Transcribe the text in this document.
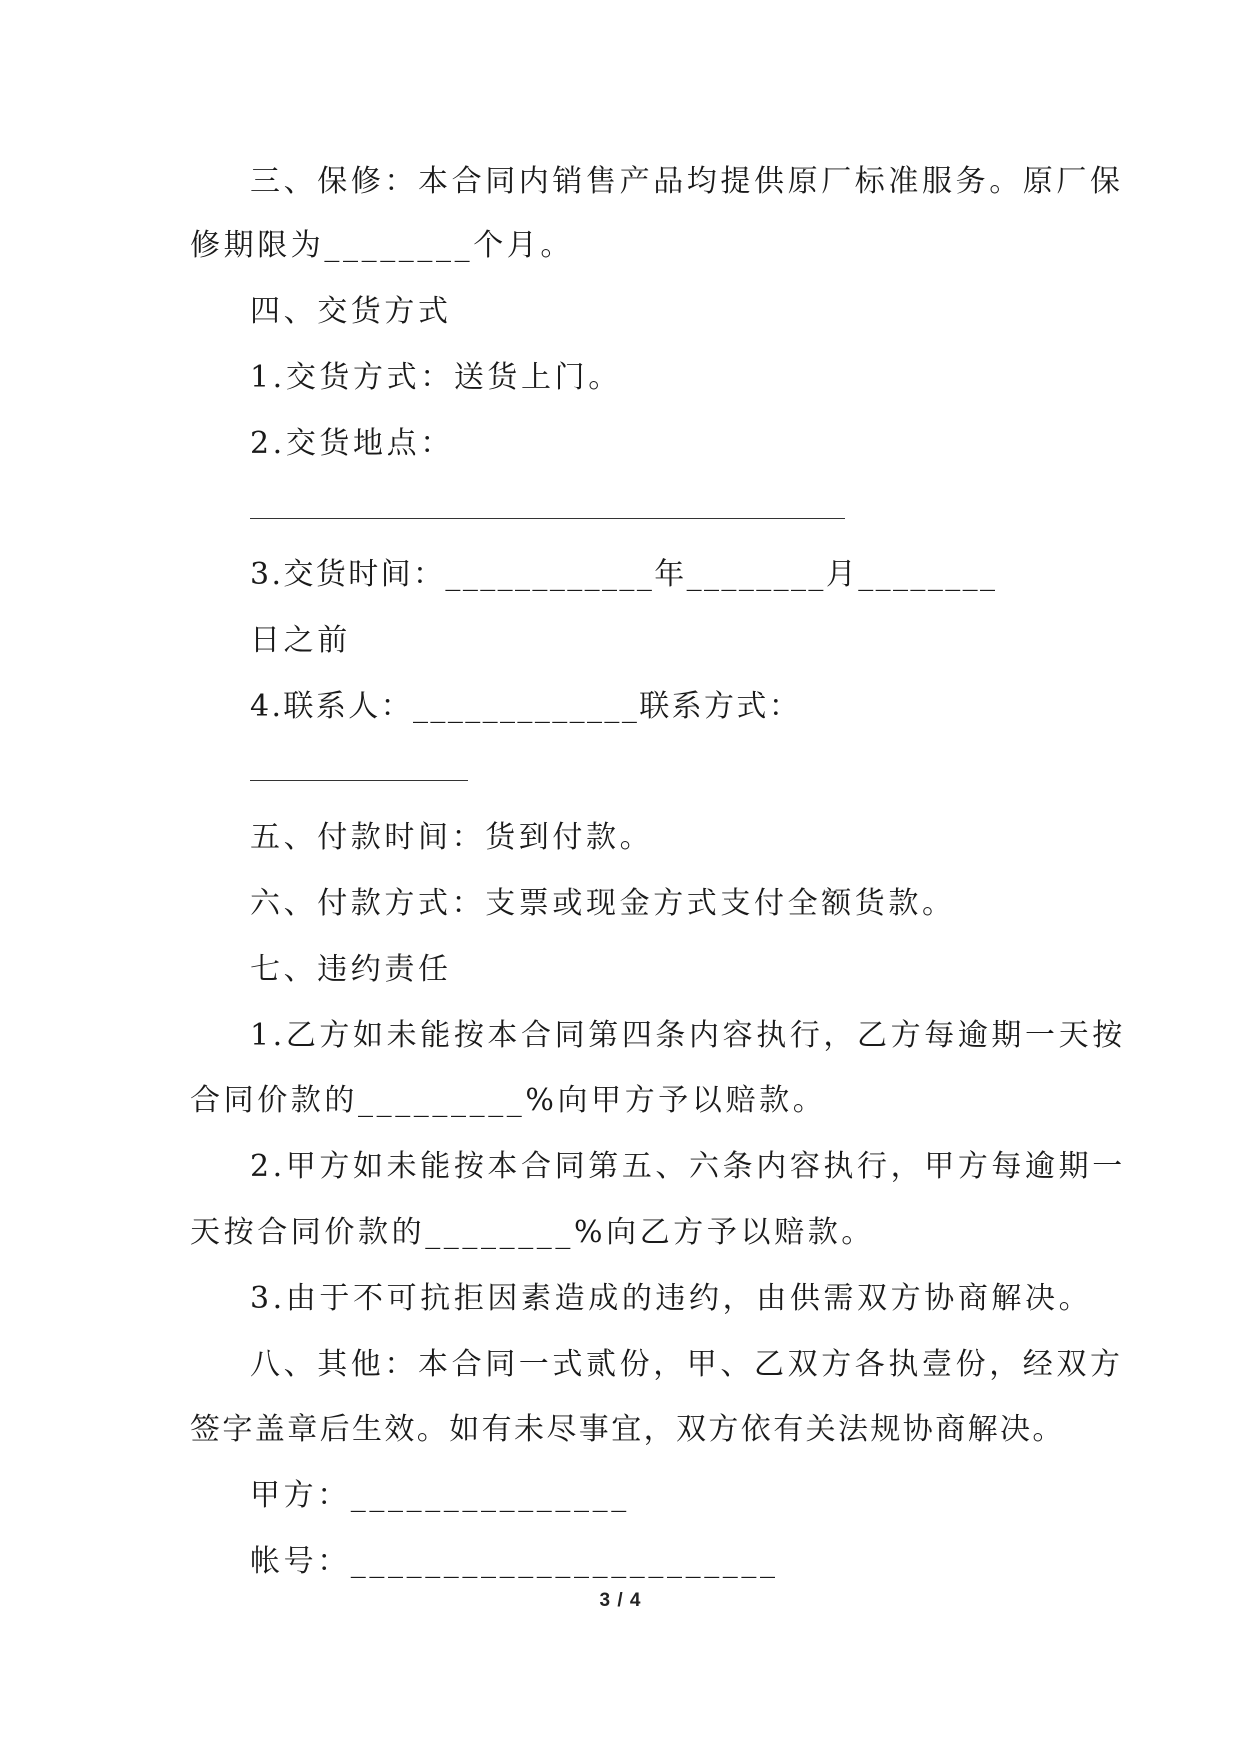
三、保修：本合同内销售产品均提供原厂标准服务。原厂保

修期限为________个月。

四、交货方式

1.交货方式：送货上门。

2.交货地点：

3.交货时间：____________年________月________

日之前

4.联系人：_____________联系方式：

五、付款时间：货到付款。

六、付款方式：支票或现金方式支付全额货款。

七、违约责任

1.乙方如未能按本合同第四条内容执行，乙方每逾期一天按

合同价款的_________%向甲方予以赔款。

2.甲方如未能按本合同第五、六条内容执行，甲方每逾期一

天按合同价款的________%向乙方予以赔款。

3.由于不可抗拒因素造成的违约，由供需双方协商解决。

八、其他：本合同一式贰份，甲、乙双方各执壹份，经双方

签字盖章后生效。如有未尽事宜，双方依有关法规协商解决。

甲方：_______________

帐号：_______________________

3 / 4
